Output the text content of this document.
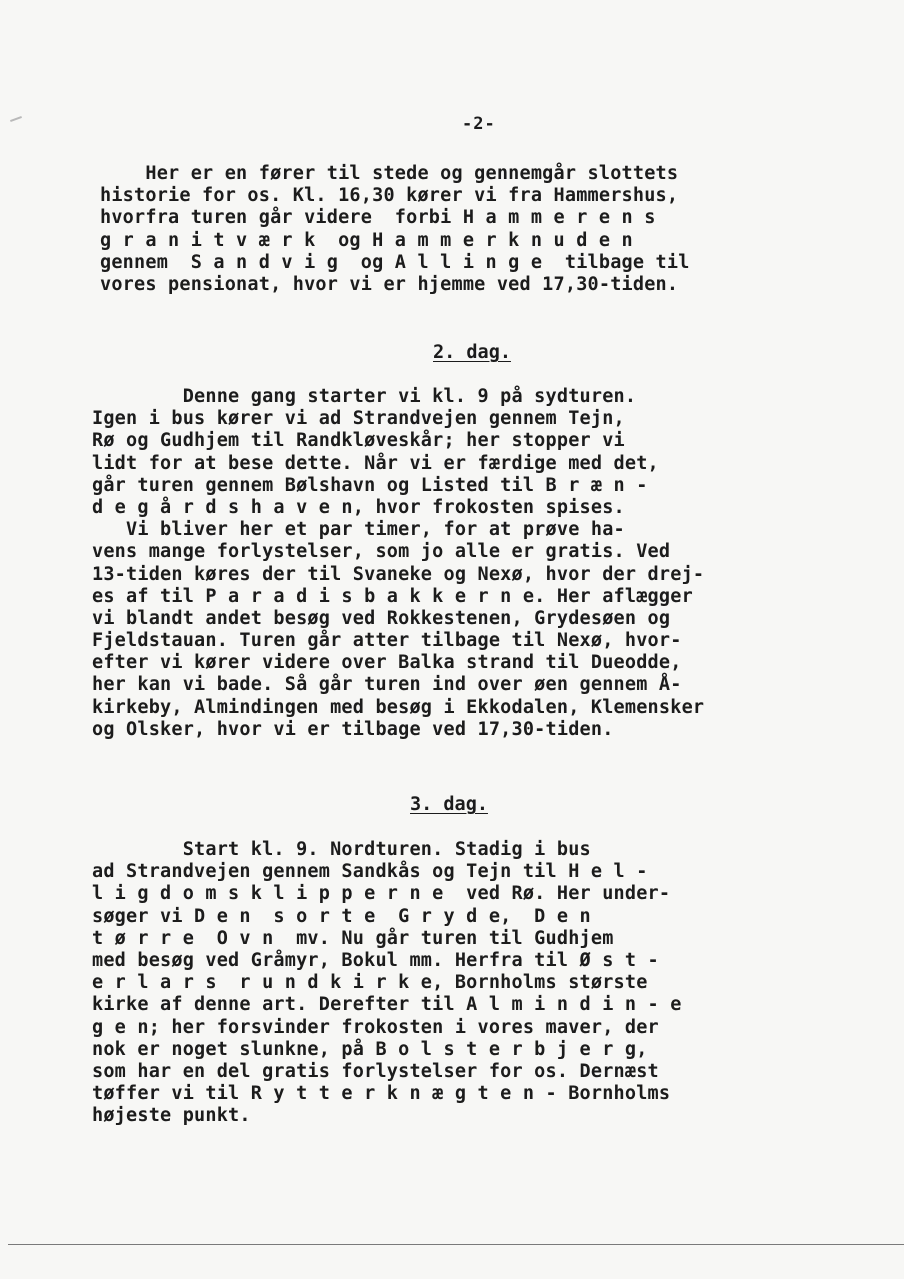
-2-
Her er en fører til stede og gennemgår slottets
historie for os. Kl. 16,30 kører vi fra Hammershus,
hvorfra turen går videre  forbi H a m m e r e n s
g r a n i t v æ r k  og H a m m e r k n u d e n
gennem  S a n d v i g  og A l l i n g e  tilbage til
vores pensionat, hvor vi er hjemme ved 17,30-tiden.
2. dag.
Denne gang starter vi kl. 9 på sydturen.
Igen i bus kører vi ad Strandvejen gennem Tejn,
Rø og Gudhjem til Randkløveskår; her stopper vi
lidt for at bese dette. Når vi er færdige med det,
går turen gennem Bølshavn og Listed til B r æ n -
d e g å r d s h a v e n, hvor frokosten spises.
Vi bliver her et par timer, for at prøve ha-
vens mange forlystelser, som jo alle er gratis. Ved
13-tiden køres der til Svaneke og Nexø, hvor der drej-
es af til P a r a d i s b a k k e r n e. Her aflægger
vi blandt andet besøg ved Rokkestenen, Grydesøen og
Fjeldstauan. Turen går atter tilbage til Nexø, hvor-
efter vi kører videre over Balka strand til Dueodde,
her kan vi bade. Så går turen ind over øen gennem Å-
kirkeby, Almindingen med besøg i Ekkodalen, Klemensker
og Olsker, hvor vi er tilbage ved 17,30-tiden.
3. dag.
Start kl. 9. Nordturen. Stadig i bus
ad Strandvejen gennem Sandkås og Tejn til H e l -
l i g d o m s k l i p p e r n e  ved Rø. Her under-
søger vi D e n  s o r t e  G r y d e,  D e n
t ø r r e  O v n  mv. Nu går turen til Gudhjem
med besøg ved Gråmyr, Bokul mm. Herfra til Ø s t -
e r l a r s  r u n d k i r k e, Bornholms største
kirke af denne art. Derefter til A l m i n d i n - e
g e n; her forsvinder frokosten i vores maver, der
nok er noget slunkne, på B o l s t e r b j e r g,
som har en del gratis forlystelser for os. Dernæst
tøffer vi til R y t t e r k n æ g t e n - Bornholms
højeste punkt.
